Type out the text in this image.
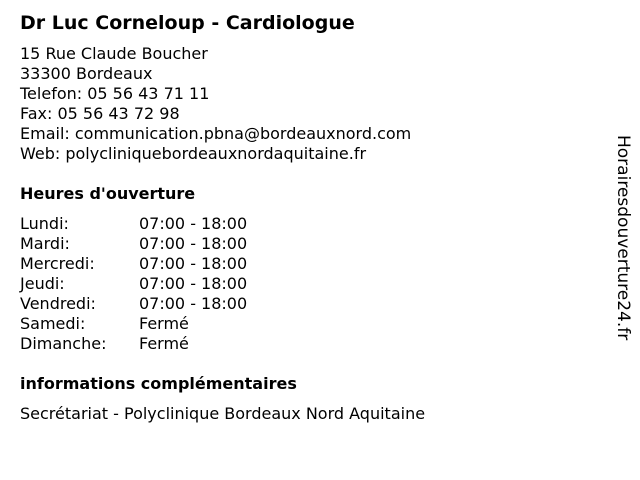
Dr Luc Corneloup - Cardiologue
15 Rue Claude Boucher
33300 Bordeaux
Telefon: 05 56 43 71 11
Fax: 05 56 43 72 98
Email: communication.pbna@bordeauxnord.com
Web: polycliniquebordeauxnordaquitaine.fr
Heures d'ouverture
Lundi:	07:00 - 18:00
Mardi:	07:00 - 18:00
Mercredi:	07:00 - 18:00
Jeudi:	07:00 - 18:00
Vendredi:	07:00 - 18:00
Samedi:	Fermé
Dimanche: Fermé
informations complémentaires
Secrétariat - Polyclinique Bordeaux Nord Aquitaine
Horairesdouverture24.fr
